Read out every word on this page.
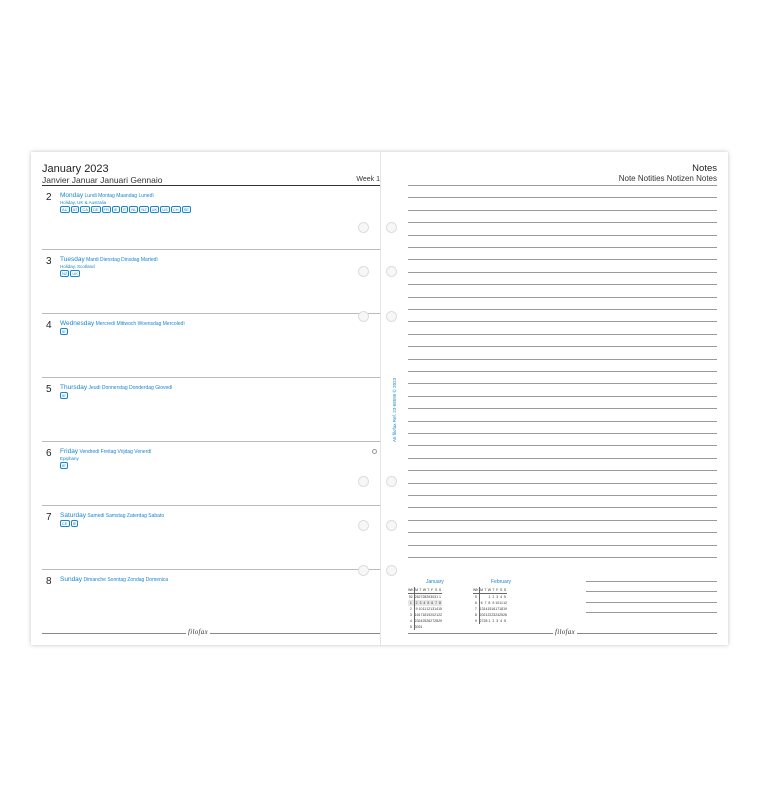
January 2023
Janvier Januar Januari Gennaio	Week 1
2 Monday Lundi Montag Maandag Lunedì
Holiday, UK & Australia
AU AT CA DE FR IE IT NL NZ UK US CH SE
3 Tuesday Mardi Dienstag Dinsdag Martedì
Holiday, Scotland
NZ UK
4 Wednesday Mercredi Mittwoch Woensdag Mercoledì
IE
5 Thursday Jeudi Donnerstag Donderdag Giovedì
IE
6 Friday Vendredi Freitag Vrijdag Venerdì
Epiphany
IE
7 Saturday Samedi Samstag Zaterdag Sabato
CE IE
8 Sunday Dimanche Sonntag Zondag Domenica
filofax
Notes
Note Notities Notizen Notes
A5 filofax Ref. 23-68595 © 2023
January
WK	M	T	W	T	F	S	S
52	26	27	28	29	30	31	1
1	2	3	4	5	6	7	8
2	9	10	11	12	13	14	15
3	16	17	18	19	20	21	22
4	23	24	25	26	27	28	29
5	30	31					
February
WK	M	T	W	T	F	S	S
5			1	2	3	4	5
6	6	7	8	9	10	11	12
7	13	14	15	16	17	18	19
8	20	21	22	23	24	25	26
9	27	28	1	2	3	4	5
filofax
